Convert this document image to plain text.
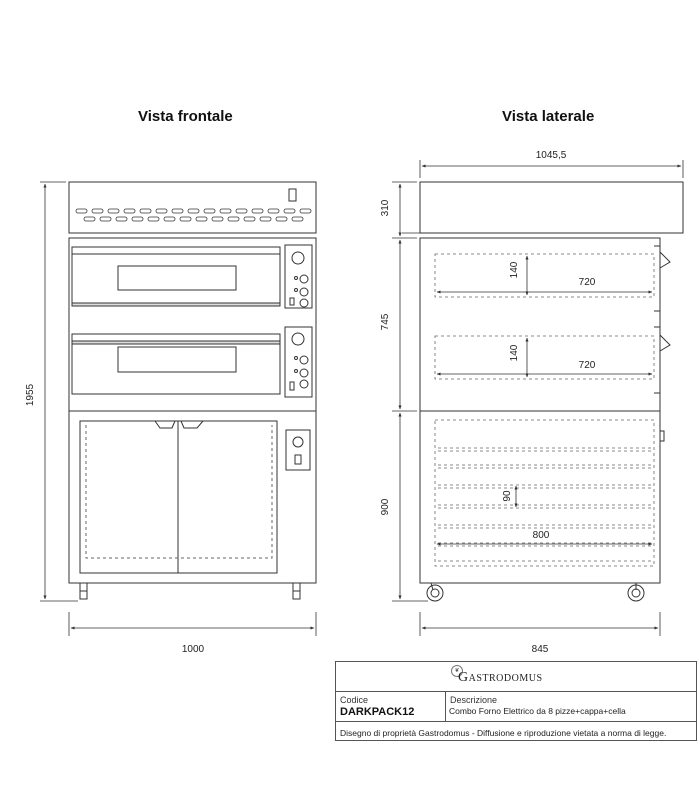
Vista frontale	Vista laterale
1955
1000
1045,5
845
310
745
900
140
720
140
720
90
800
❦
Gastrodomus
Codice
DARKPACK12
Descrizione
Combo Forno Elettrico da 8 pizze+cappa+cella
Disegno di proprietà Gastrodomus - Diffusione e riproduzione vietata a norma di legge.
